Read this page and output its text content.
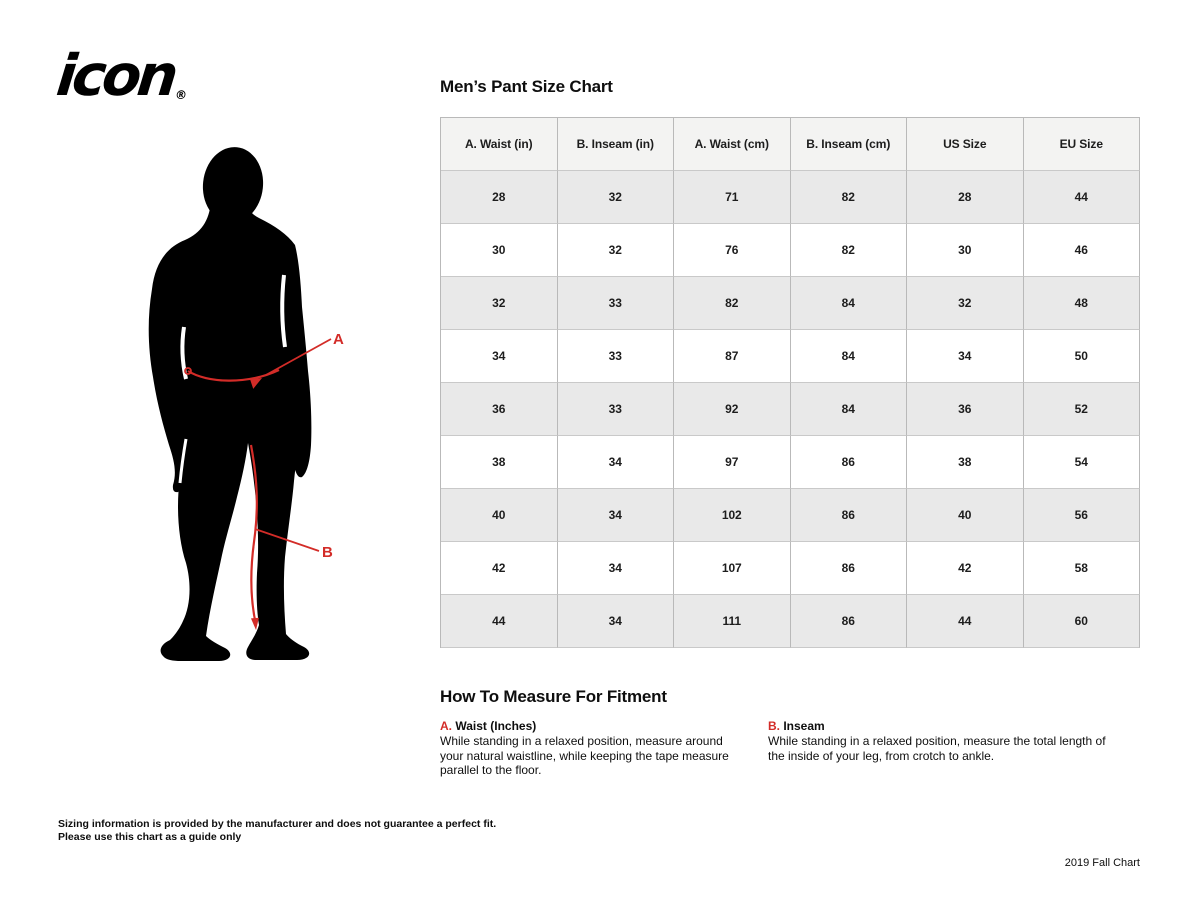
icon®
A
B
Men’s Pant Size Chart
A. Waist (in)	B. Inseam (in)	A. Waist (cm)	B. Inseam (cm)	US Size	EU Size
28	32	71	82	28	44
30	32	76	82	30	46
32	33	82	84	32	48
34	33	87	84	34	50
36	33	92	84	36	52
38	34	97	86	38	54
40	34	102	86	40	56
42	34	107	86	42	58
44	34	111	86	44	60
How To Measure For Fitment
A. Waist (Inches)
While standing in a relaxed position, measure around your natural waistline, while keeping the tape measure parallel to the floor.
B. Inseam
While standing in a relaxed position, measure the total length of the inside of your leg, from crotch to ankle.
Sizing information is provided by the manufacturer and does not guarantee a perfect fit.
Please use this chart as a guide only
2019 Fall Chart
